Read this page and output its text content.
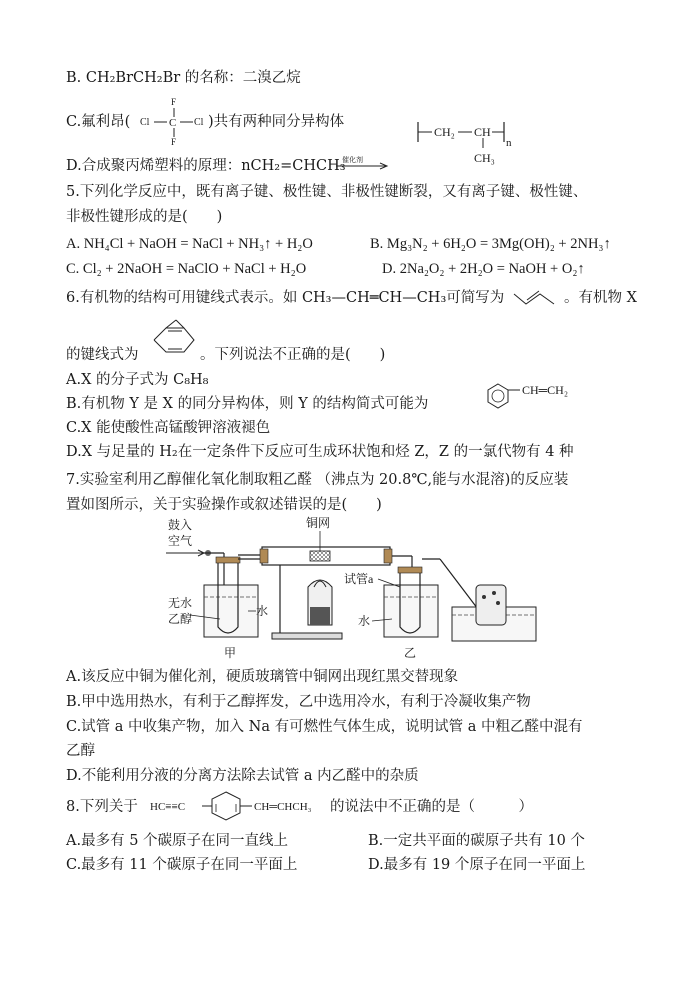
B. CH₂BrCH₂Br 的名称：二溴乙烷
C.氟利昂(
F
Cl C Cl
F
)共有两种同分异构体
CH₂ CH
n
CH₃
D.合成聚丙烯塑料的原理：nCH₂=CHCH₃
催化剂
5.下列化学反应中，既有离子键、极性键、非极性键断裂，又有离子键、极性键、
非极性键形成的是(　　)
A. NH₄Cl + NaOH = NaCl + NH₃↑ + H₂O	B. Mg₃N₂ + 6H₂O = 3Mg(OH)₂ + 2NH₃↑
C. Cl₂ + 2NaOH = NaClO + NaCl + H₂O	D. 2Na₂O₂ + 2H₂O = NaOH + O₂↑
6.有机物的结构可用键线式表示。如 CH₃—CH═CH—CH₃可简写为	。有机物 X
的键线式为	。下列说法不正确的是(　　)
A.X 的分子式为 C₈H₈
B.有机物 Y 是 X 的同分异构体，则 Y 的结构简式可能为
CH═CH₂
C.X 能使酸性高锰酸钾溶液褪色
D.X 与足量的 H₂在一定条件下反应可生成环状饱和烃 Z，Z 的一氯代物有 4 种
7.实验室利用乙醇催化氧化制取粗乙醛 （沸点为 20.8℃,能与水混溶)的反应装
置如图所示，关于实验操作或叙述错误的是(　　)
鼓入
空气
铜网
试管a
无水
乙醇
水
水
甲	乙
A.该反应中铜为催化剂，硬质玻璃管中铜网出现红黑交替现象
B.甲中选用热水，有利于乙醇挥发，乙中选用冷水，有利于冷凝收集产物
C.试管 a 中收集产物，加入 Na 有可燃性气体生成，说明试管 a 中粗乙醛中混有
乙醇
D.不能利用分液的分离方法除去试管 a 内乙醛中的杂质
8.下列关于 HC≡≡C	CH═CHCH₃ 的说法中不正确的是（　　　）
A.最多有 5 个碳原子在同一直线上	B.一定共平面的碳原子共有 10 个
C.最多有 11 个碳原子在同一平面上	D.最多有 19 个原子在同一平面上
